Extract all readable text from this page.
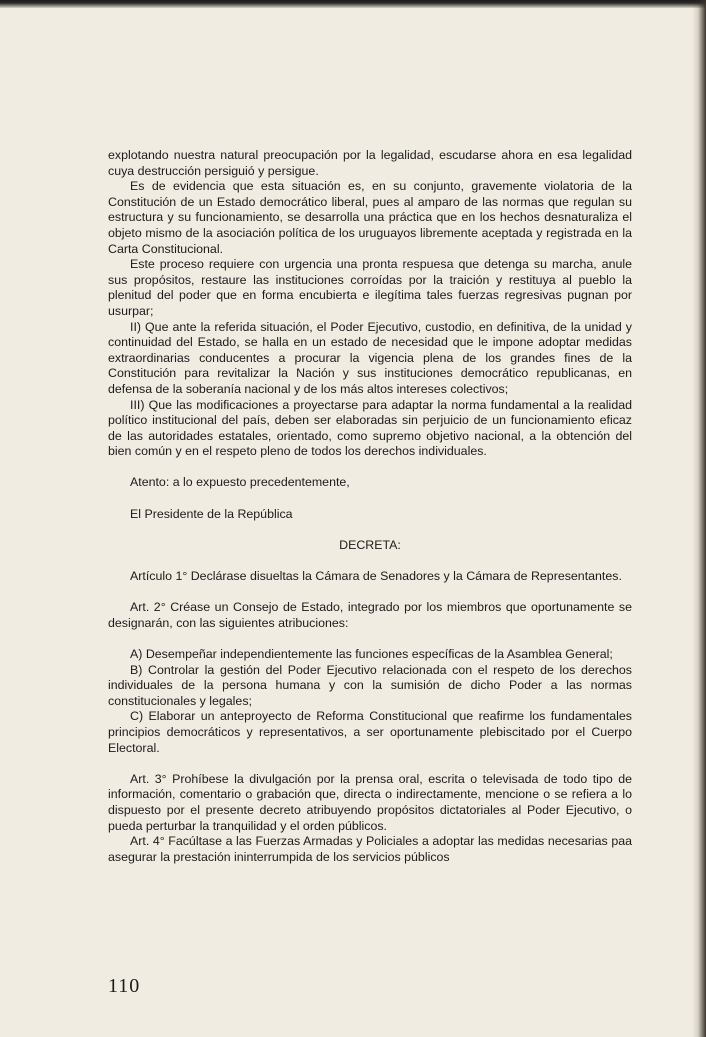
explotando nuestra natural preocupación por la legalidad, escudarse ahora en esa legalidad cuya destrucción persiguió y persigue.

Es de evidencia que esta situación es, en su conjunto, gravemente violatoria de la Constitución de un Estado democrático liberal, pues al amparo de las normas que regulan su estructura y su funcionamiento, se desarrolla una práctica que en los hechos desnaturaliza el objeto mismo de la asociación política de los uruguayos libremente aceptada y registrada en la Carta Constitucional.

Este proceso requiere con urgencia una pronta respuesa que detenga su marcha, anule sus propósitos, restaure las instituciones corroídas por la traición y restituya al pueblo la plenitud del poder que en forma encubierta e ilegítima tales fuerzas regresivas pugnan por usurpar;

II) Que ante la referida situación, el Poder Ejecutivo, custodio, en definitiva, de la unidad y continuidad del Estado, se halla en un estado de necesidad que le impone adoptar medidas extraordinarias conducentes a procurar la vigencia plena de los grandes fines de la Constitución para revitalizar la Nación y sus instituciones democrático republicanas, en defensa de la soberanía nacional y de los más altos intereses colectivos;

III) Que las modificaciones a proyectarse para adaptar la norma fundamental a la realidad político institucional del país, deben ser elaboradas sin perjuicio de un funcionamiento eficaz de las autoridades estatales, orientado, como supremo objetivo nacional, a la obtención del bien común y en el respeto pleno de todos los derechos individuales.

Atento: a lo expuesto precedentemente,

El Presidente de la República

DECRETA:

Artículo 1° Declárase disueltas la Cámara de Senadores y la Cámara de Representantes.

Art. 2° Créase un Consejo de Estado, integrado por los miembros que oportunamente se designarán, con las siguientes atribuciones:

A) Desempeñar independientemente las funciones específicas de la Asamblea General;

B) Controlar la gestión del Poder Ejecutivo relacionada con el respeto de los derechos individuales de la persona humana y con la sumisión de dicho Poder a las normas constitucionales y legales;

C) Elaborar un anteproyecto de Reforma Constitucional que reafirme los fundamentales principios democráticos y representativos, a ser oportunamente plebiscitado por el Cuerpo Electoral.

Art. 3° Prohíbese la divulgación por la prensa oral, escrita o televisada de todo tipo de información, comentario o grabación que, directa o indirectamente, mencione o se refiera a lo dispuesto por el presente decreto atribuyendo propósitos dictatoriales al Poder Ejecutivo, o pueda perturbar la tranquilidad y el orden públicos.

Art. 4° Facúltase a las Fuerzas Armadas y Policiales a adoptar las medidas necesarias paa asegurar la prestación ininterrumpida de los servicios públicos

110
